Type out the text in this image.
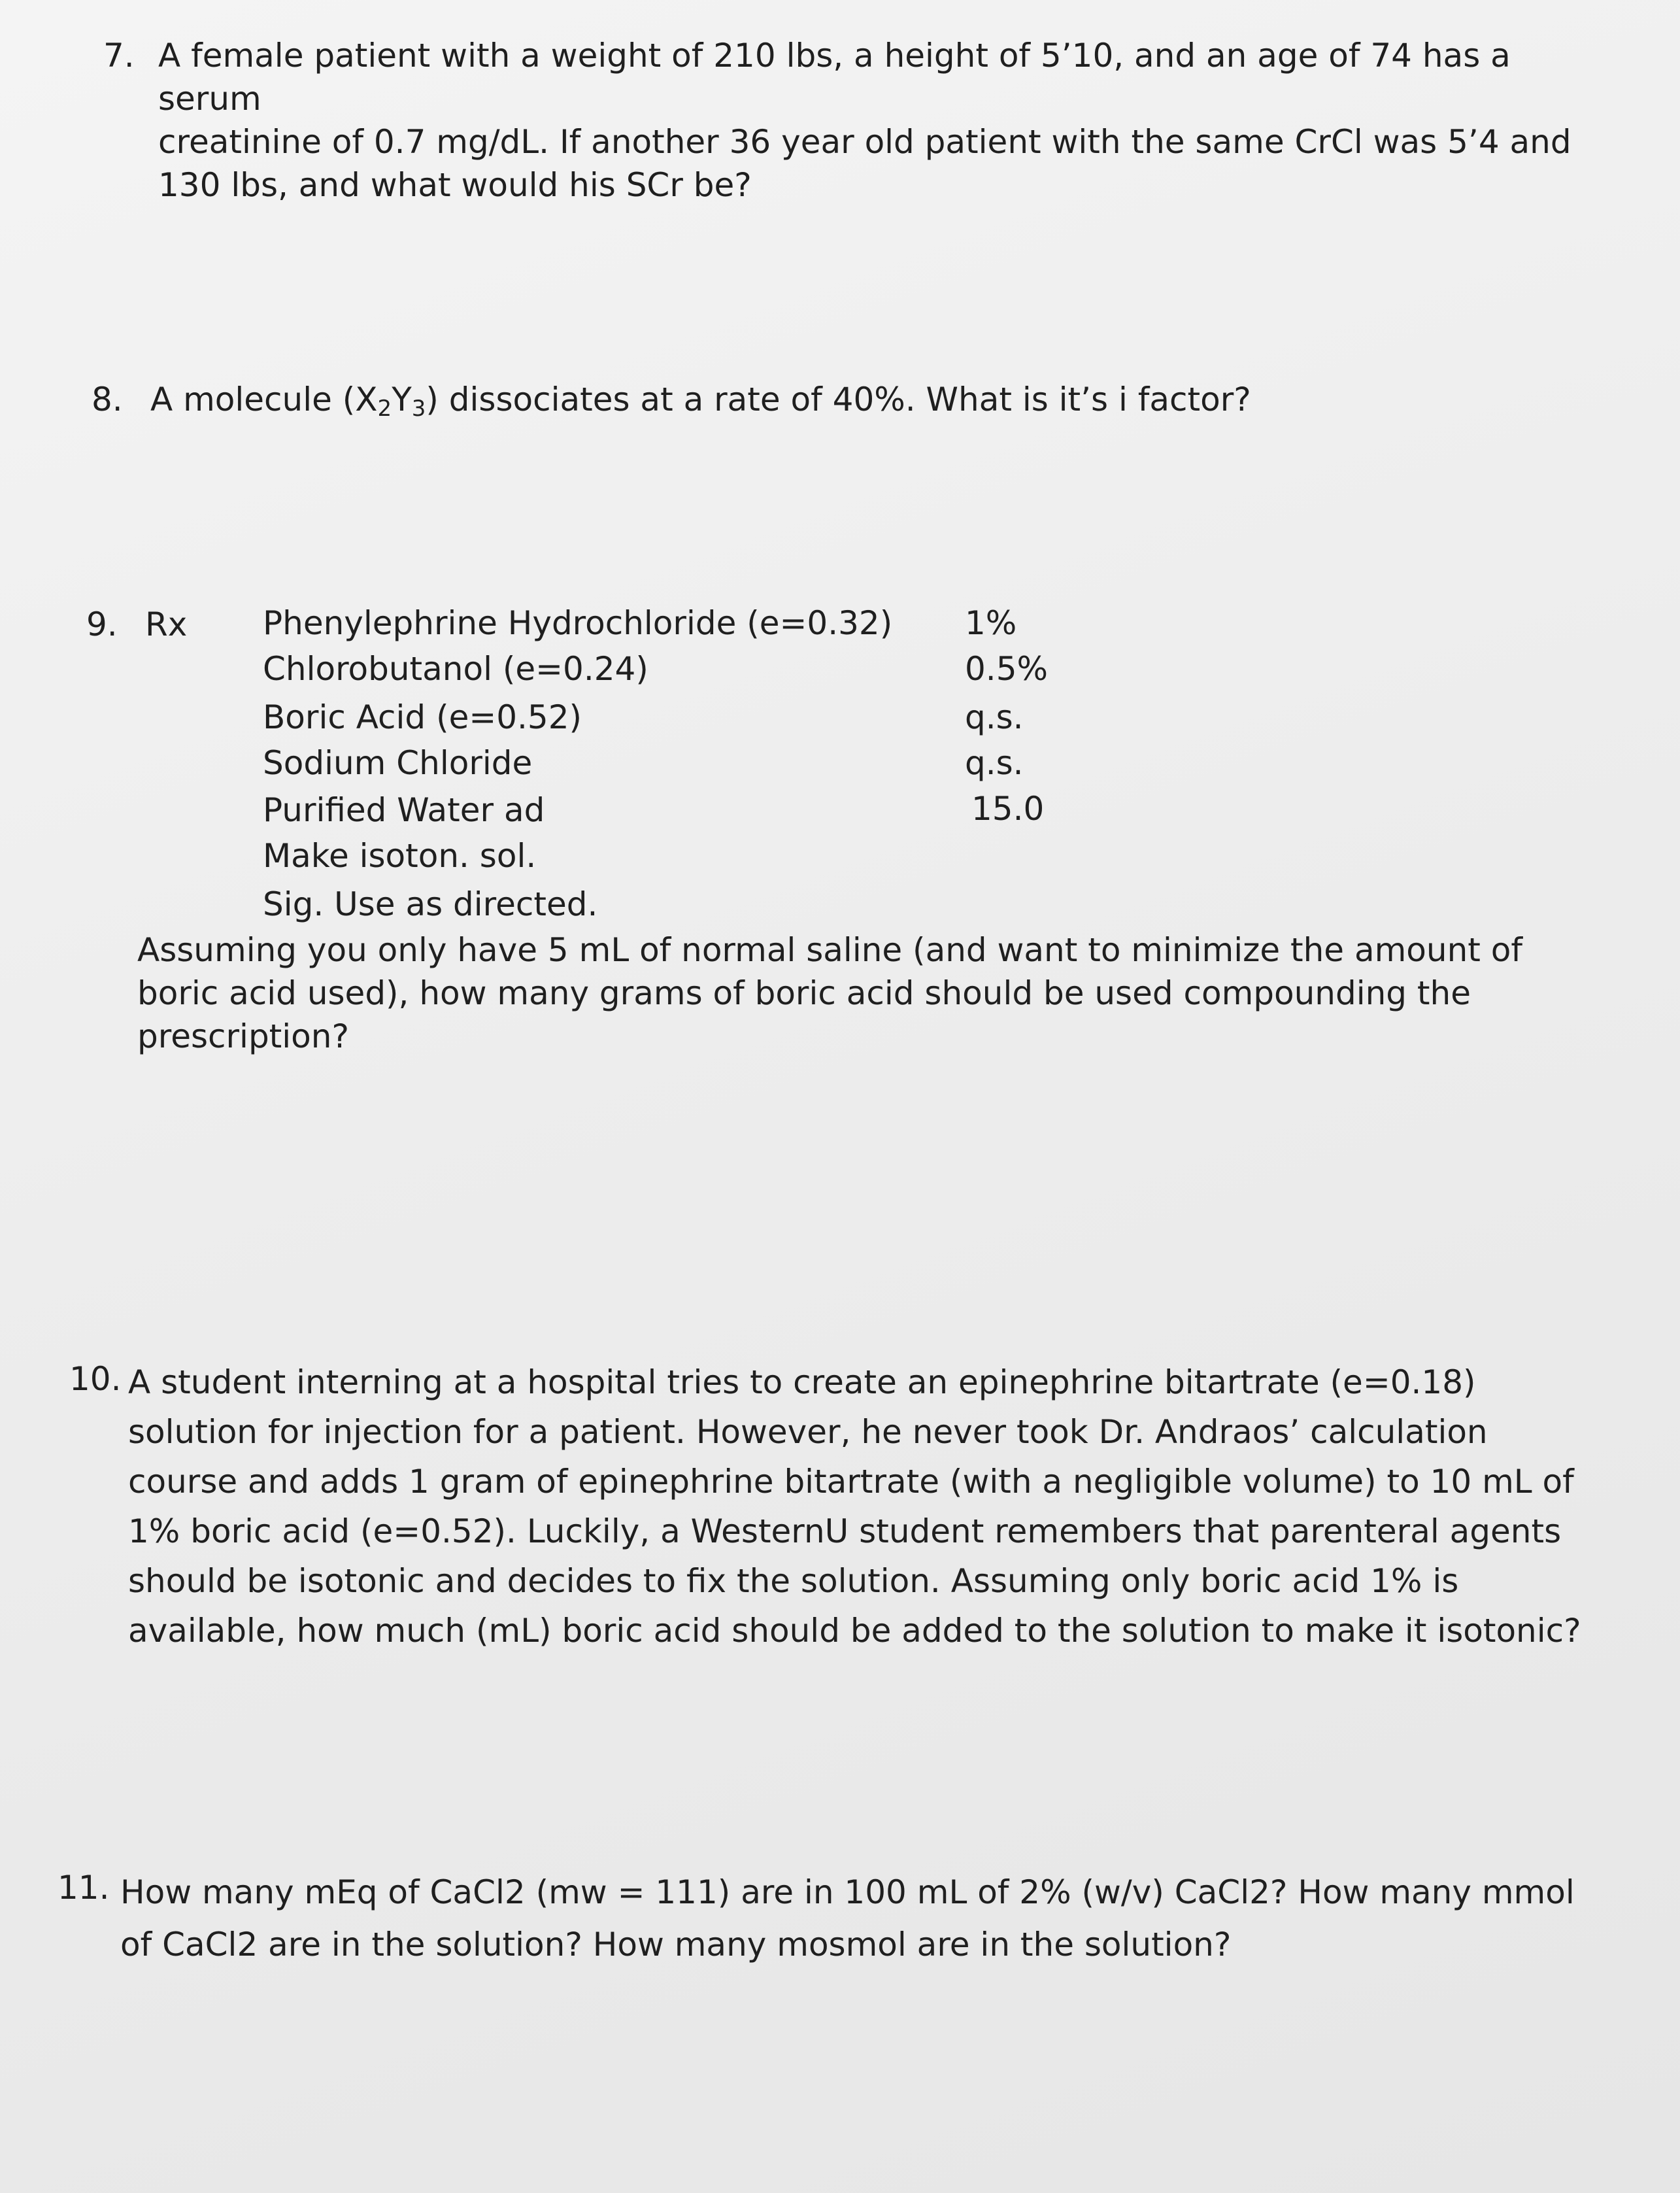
7. A female patient with a weight of 210 lbs, a height of 5’10, and an age of 74 has a serum
creatinine of 0.7 mg/dL. If another 36 year old patient with the same CrCl was 5’4 and
130 lbs, and what would his SCr be?
8. A molecule $(X_2Y_3)$ dissociates at a rate of 40%. What is it’s i factor?
9. Rx Phenylephrine Hydrochloride (e=0.32) 1%
Chlorobutanol (e=0.24)	0.5%
Boric Acid (e=0.52)	q.s.
Sodium Chloride	q.s.
Purified Water ad	15.0
Make isoton. sol.
Sig. Use as directed.
Assuming you only have 5 mL of normal saline (and want to minimize the amount of
boric acid used), how many grams of boric acid should be used compounding the
prescription?
10. A student interning at a hospital tries to create an epinephrine bitartrate (e=0.18)
solution for injection for a patient. However, he never took Dr. Andraos’ calculation
course and adds 1 gram of epinephrine bitartrate (with a negligible volume) to 10 mL of
1% boric acid (e=0.52). Luckily, a WesternU student remembers that parenteral agents
should be isotonic and decides to fix the solution. Assuming only boric acid 1% is
available, how much (mL) boric acid should be added to the solution to make it isotonic?
11. How many mEq of CaCl2 (mw = 111) are in 100 mL of 2% (w/v) CaCl2? How many mmol
of CaCl2 are in the solution? How many mosmol are in the solution?
